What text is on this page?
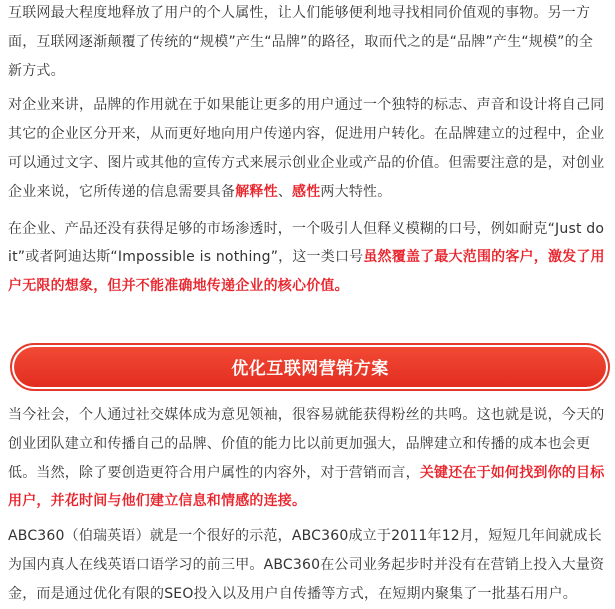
互联网最大程度地释放了用户的个人属性，让人们能够便利地寻找相同价值观的事物。另一方面，互联网逐渐颠覆了传统的“规模”产生“品牌”的路径，取而代之的是“品牌”产生“规模”的全新方式。

对企业来讲，品牌的作用就在于如果能让更多的用户通过一个独特的标志、声音和设计将自己同其它的企业区分开来，从而更好地向用户传递内容，促进用户转化。在品牌建立的过程中，企业可以通过文字、图片或其他的宣传方式来展示创业企业或产品的价值。但需要注意的是，对创业企业来说，它所传递的信息需要具备解释性、感性两大特性。

在企业、产品还没有获得足够的市场渗透时，一个吸引人但释义模糊的口号，例如耐克“Just do it”或者阿迪达斯“Impossible is nothing”，这一类口号虽然覆盖了最大范围的客户，激发了用户无限的想象，但并不能准确地传递企业的核心价值。

优化互联网营销方案

当今社会，个人通过社交媒体成为意见领袖，很容易就能获得粉丝的共鸣。这也就是说，今天的创业团队建立和传播自己的品牌、价值的能力比以前更加强大，品牌建立和传播的成本也会更低。当然，除了要创造更符合用户属性的内容外，对于营销而言，关键还在于如何找到你的目标用户，并花时间与他们建立信息和情感的连接。

ABC360（伯瑞英语）就是一个很好的示范，ABC360成立于2011年12月，短短几年间就成长为国内真人在线英语口语学习的前三甲。ABC360在公司业务起步时并没有在营销上投入大量资金，而是通过优化有限的SEO投入以及用户自传播等方式，在短期内聚集了一批基石用户。
